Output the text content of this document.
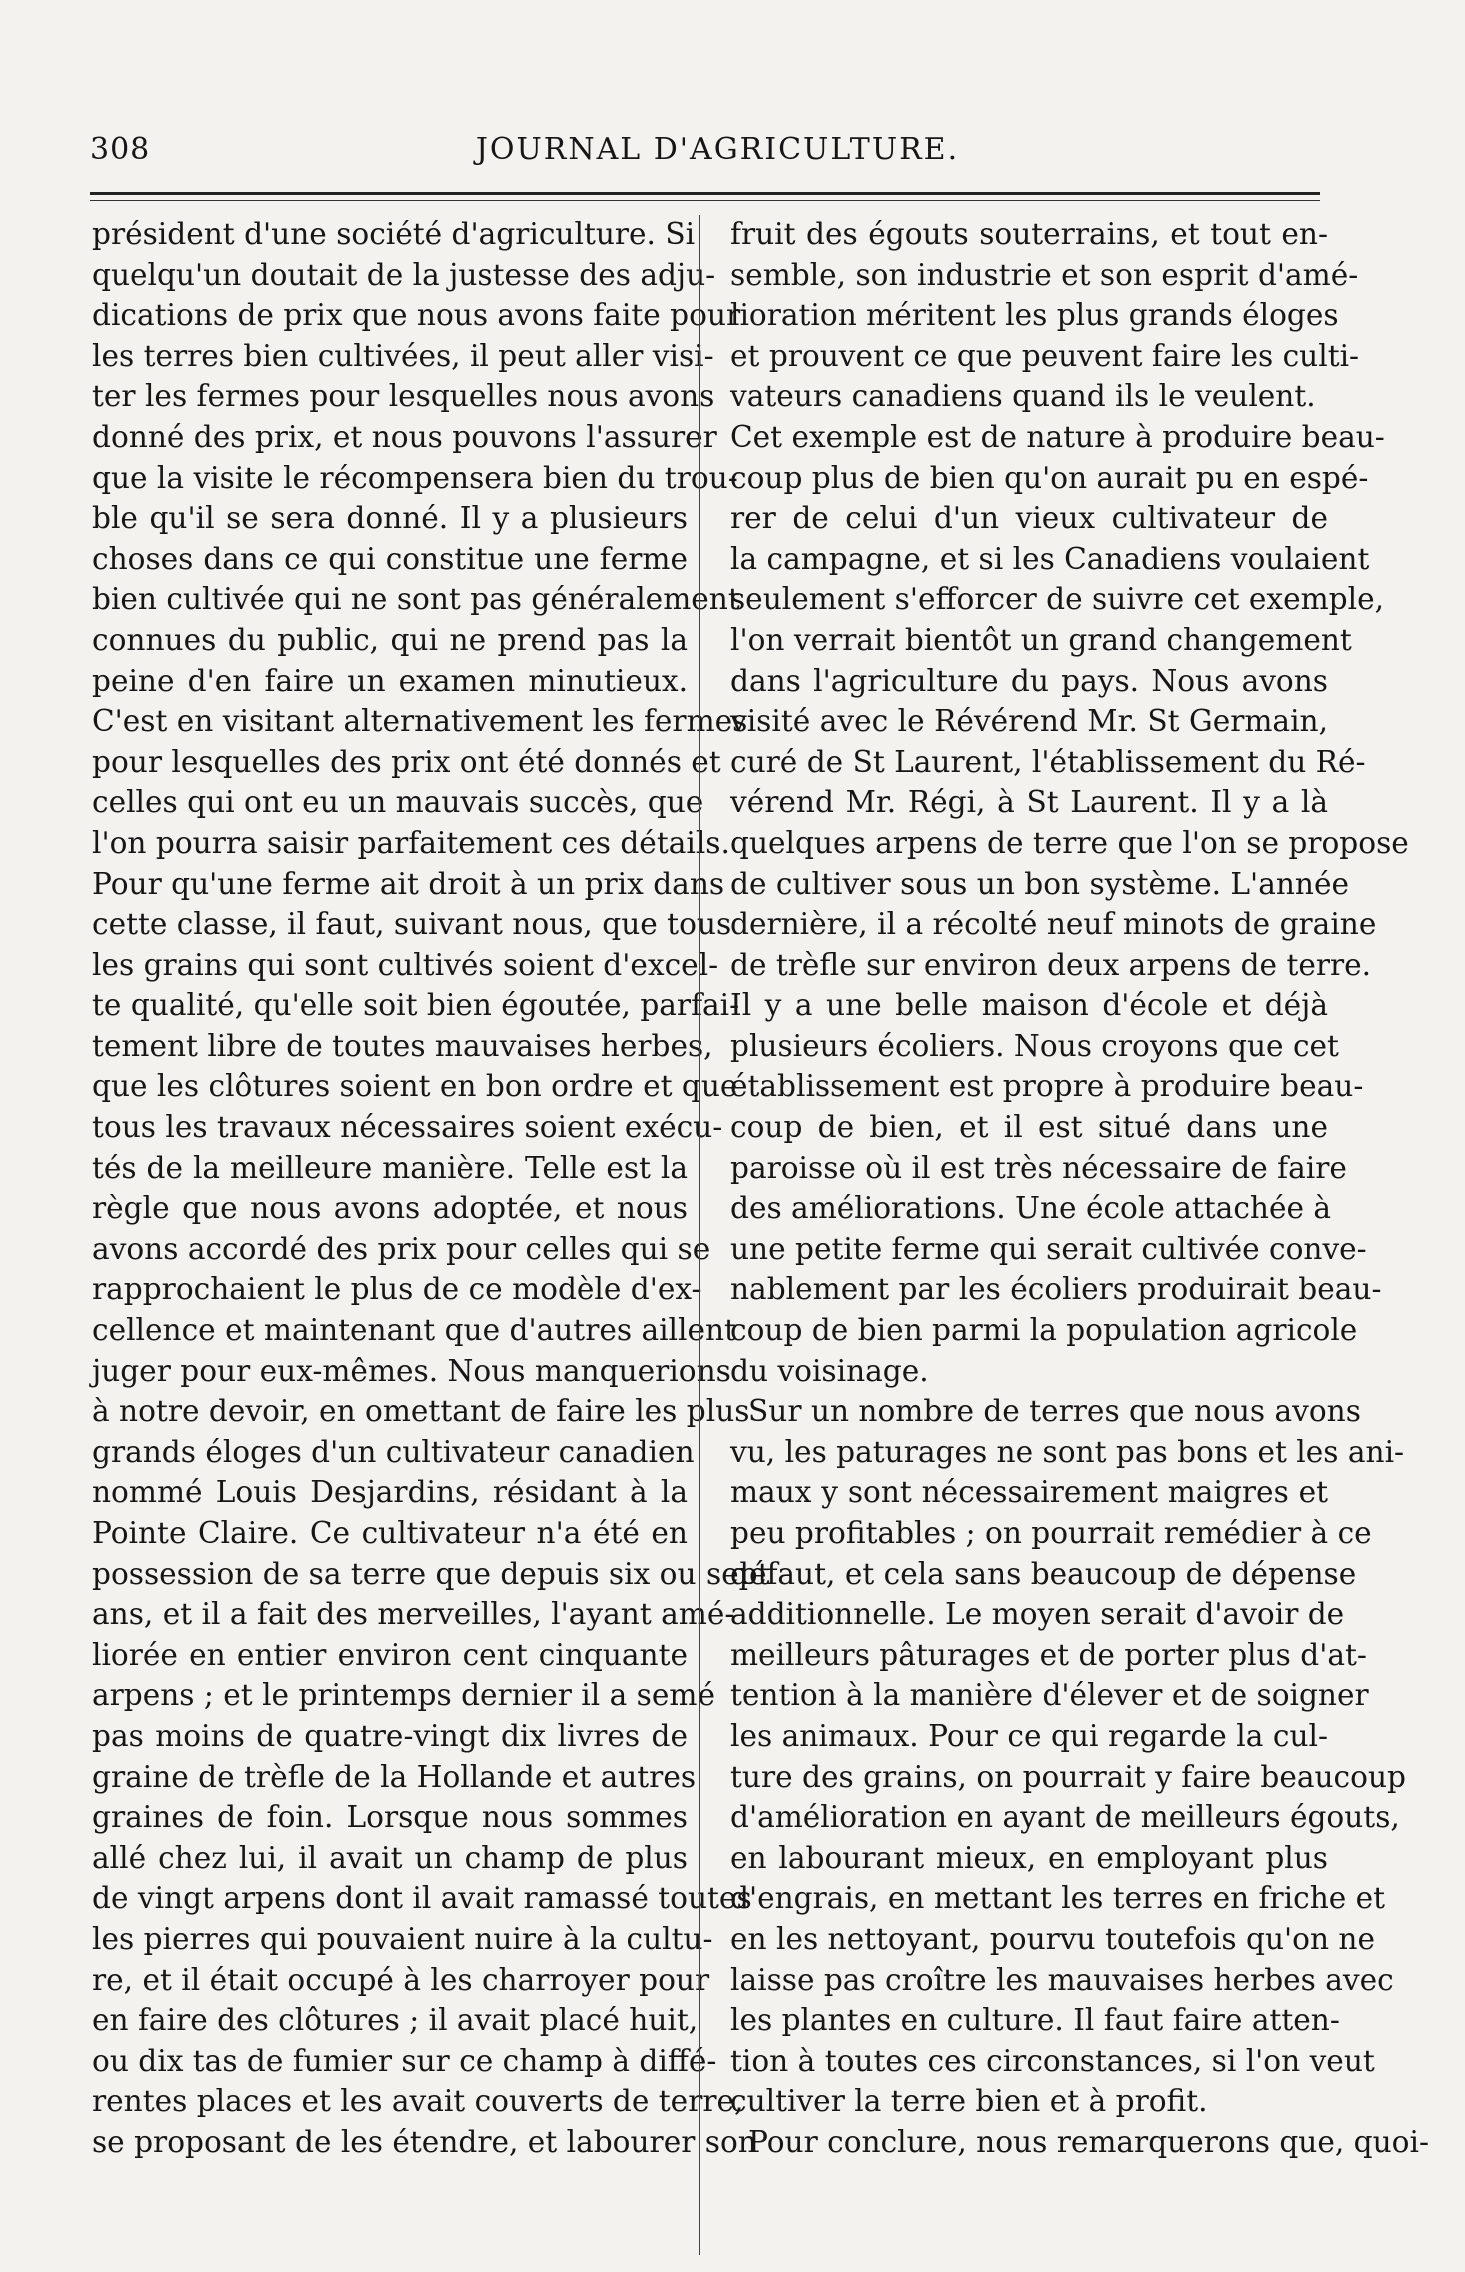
308	JOURNAL D'AGRICULTURE.
président d'une société d'agriculture. Si
quelqu'un doutait de la justesse des adju-
dications de prix que nous avons faite pour
les terres bien cultivées, il peut aller visi-
ter les fermes pour lesquelles nous avons
donné des prix, et nous pouvons l'assurer
que la visite le récompensera bien du trou-
ble qu'il se sera donné. Il y a plusieurs
choses dans ce qui constitue une ferme
bien cultivée qui ne sont pas généralement
connues du public, qui ne prend pas la
peine d'en faire un examen minutieux.
C'est en visitant alternativement les fermes
pour lesquelles des prix ont été donnés et
celles qui ont eu un mauvais succès, que
l'on pourra saisir parfaitement ces détails.
Pour qu'une ferme ait droit à un prix dans
cette classe, il faut, suivant nous, que tous
les grains qui sont cultivés soient d'excel-
te qualité, qu'elle soit bien égoutée, parfai-
tement libre de toutes mauvaises herbes,
que les clôtures soient en bon ordre et que
tous les travaux nécessaires soient exécu-
tés de la meilleure manière. Telle est la
règle que nous avons adoptée, et nous
avons accordé des prix pour celles qui se
rapprochaient le plus de ce modèle d'ex-
cellence et maintenant que d'autres aillent
juger pour eux-mêmes. Nous manquerions
à notre devoir, en omettant de faire les plus
grands éloges d'un cultivateur canadien
nommé Louis Desjardins, résidant à la
Pointe Claire. Ce cultivateur n'a été en
possession de sa terre que depuis six ou sept
ans, et il a fait des merveilles, l'ayant amé-
liorée en entier environ cent cinquante
arpens ; et le printemps dernier il a semé
pas moins de quatre-vingt dix livres de
graine de trèfle de la Hollande et autres
graines de foin. Lorsque nous sommes
allé chez lui, il avait un champ de plus
de vingt arpens dont il avait ramassé toutes
les pierres qui pouvaient nuire à la cultu-
re, et il était occupé à les charroyer pour
en faire des clôtures ; il avait placé huit,
ou dix tas de fumier sur ce champ à diffé-
rentes places et les avait couverts de terre,
se proposant de les étendre, et labourer son
fruit des égouts souterrains, et tout en-
semble, son industrie et son esprit d'amé-
lioration méritent les plus grands éloges
et prouvent ce que peuvent faire les culti-
vateurs canadiens quand ils le veulent.
Cet exemple est de nature à produire beau-
coup plus de bien qu'on aurait pu en espé-
rer de celui d'un vieux cultivateur de
la campagne, et si les Canadiens voulaient
seulement s'efforcer de suivre cet exemple,
l'on verrait bientôt un grand changement
dans l'agriculture du pays. Nous avons
visité avec le Révérend Mr. St Germain,
curé de St Laurent, l'établissement du Ré-
vérend Mr. Régi, à St Laurent. Il y a là
quelques arpens de terre que l'on se propose
de cultiver sous un bon système. L'année
dernière, il a récolté neuf minots de graine
de trèfle sur environ deux arpens de terre.
Il y a une belle maison d'école et déjà
plusieurs écoliers. Nous croyons que cet
établissement est propre à produire beau-
coup de bien, et il est situé dans une
paroisse où il est très nécessaire de faire
des améliorations. Une école attachée à
une petite ferme qui serait cultivée conve-
nablement par les écoliers produirait beau-
coup de bien parmi la population agricole
du voisinage.
Sur un nombre de terres que nous avons
vu, les paturages ne sont pas bons et les ani-
maux y sont nécessairement maigres et
peu profitables ; on pourrait remédier à ce
défaut, et cela sans beaucoup de dépense
additionnelle. Le moyen serait d'avoir de
meilleurs pâturages et de porter plus d'at-
tention à la manière d'élever et de soigner
les animaux. Pour ce qui regarde la cul-
ture des grains, on pourrait y faire beaucoup
d'amélioration en ayant de meilleurs égouts,
en labourant mieux, en employant plus
d'engrais, en mettant les terres en friche et
en les nettoyant, pourvu toutefois qu'on ne
laisse pas croître les mauvaises herbes avec
les plantes en culture. Il faut faire atten-
tion à toutes ces circonstances, si l'on veut
cultiver la terre bien et à profit.
Pour conclure, nous remarquerons que, quoi-
